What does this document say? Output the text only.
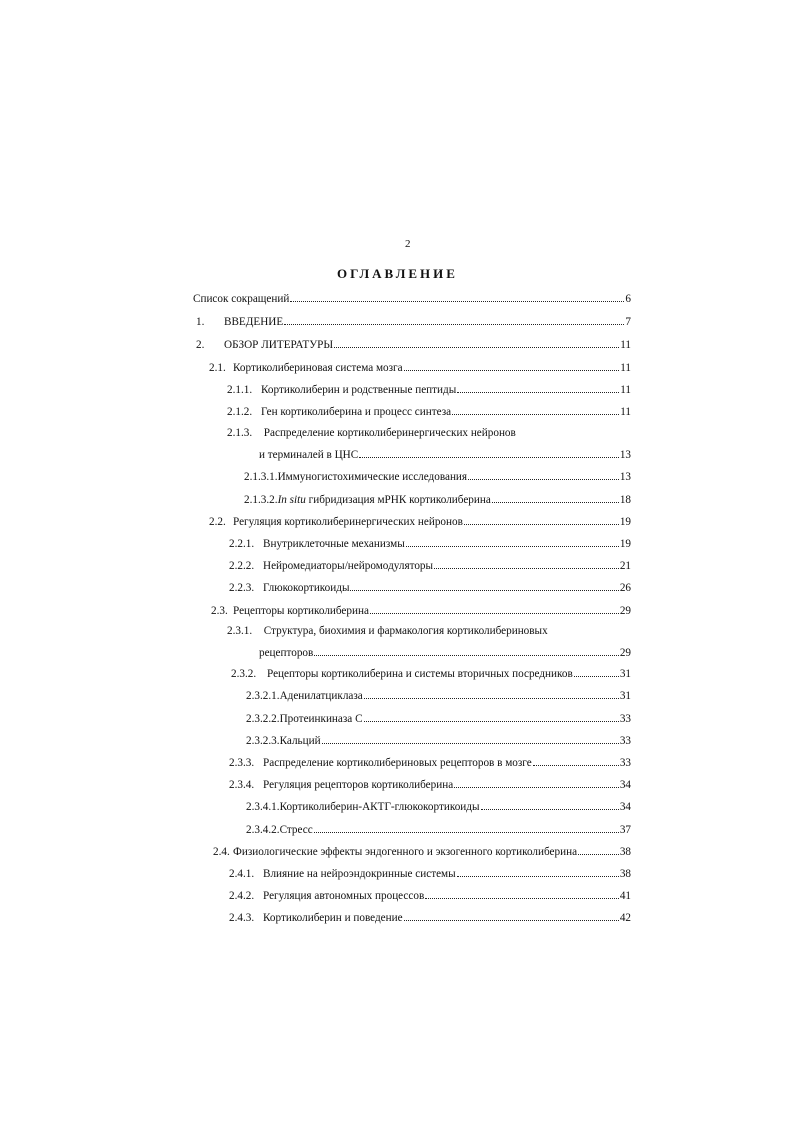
2
ОГЛАВЛЕНИЕ
Список сокращений	6
1.	ВВЕДЕНИЕ	7
2.	ОБЗОР ЛИТЕРАТУРЫ	11
2.1. Кортиколибериновая система мозга	11
2.1.1. Кортиколиберин и родственные пептиды	11
2.1.2. Ген кортиколиберина и процесс синтеза	11
2.1.3. Распределение кортиколиберинергических нейронов
и терминалей в ЦНС	13
2.1.3.1. Иммуногистохимические исследования	13
2.1.3.2. In situ гибридизация мРНК кортиколиберина	18
2.2. Регуляция кортиколиберинергических нейронов	19
2.2.1. Внутриклеточные механизмы	19
2.2.2. Нейромедиаторы/нейромодуляторы	21
2.2.3. Глюкокортикоиды	26
2.3. Рецепторы кортиколиберина	29
2.3.1. Структура, биохимия и фармакология кортиколибериновых
рецепторов	29
2.3.2. Рецепторы кортиколиберина и системы вторичных посредников	31
2.3.2.1. Аденилатциклаза	31
2.3.2.2. Протеинкиназа С	33
2.3.2.3. Кальций	33
2.3.3. Распределение кортиколибериновых рецепторов в мозге	33
2.3.4. Регуляция рецепторов кортиколиберина	34
2.3.4.1. Кортиколиберин-АКТГ-глюкокортикоиды	34
2.3.4.2. Стресс	37
2.4. Физиологические эффекты эндогенного и экзогенного кортиколиберина	38
2.4.1. Влияние на нейроэндокринные системы	38
2.4.2. Регуляция автономных процессов	41
2.4.3. Кортиколиберин и поведение	42
